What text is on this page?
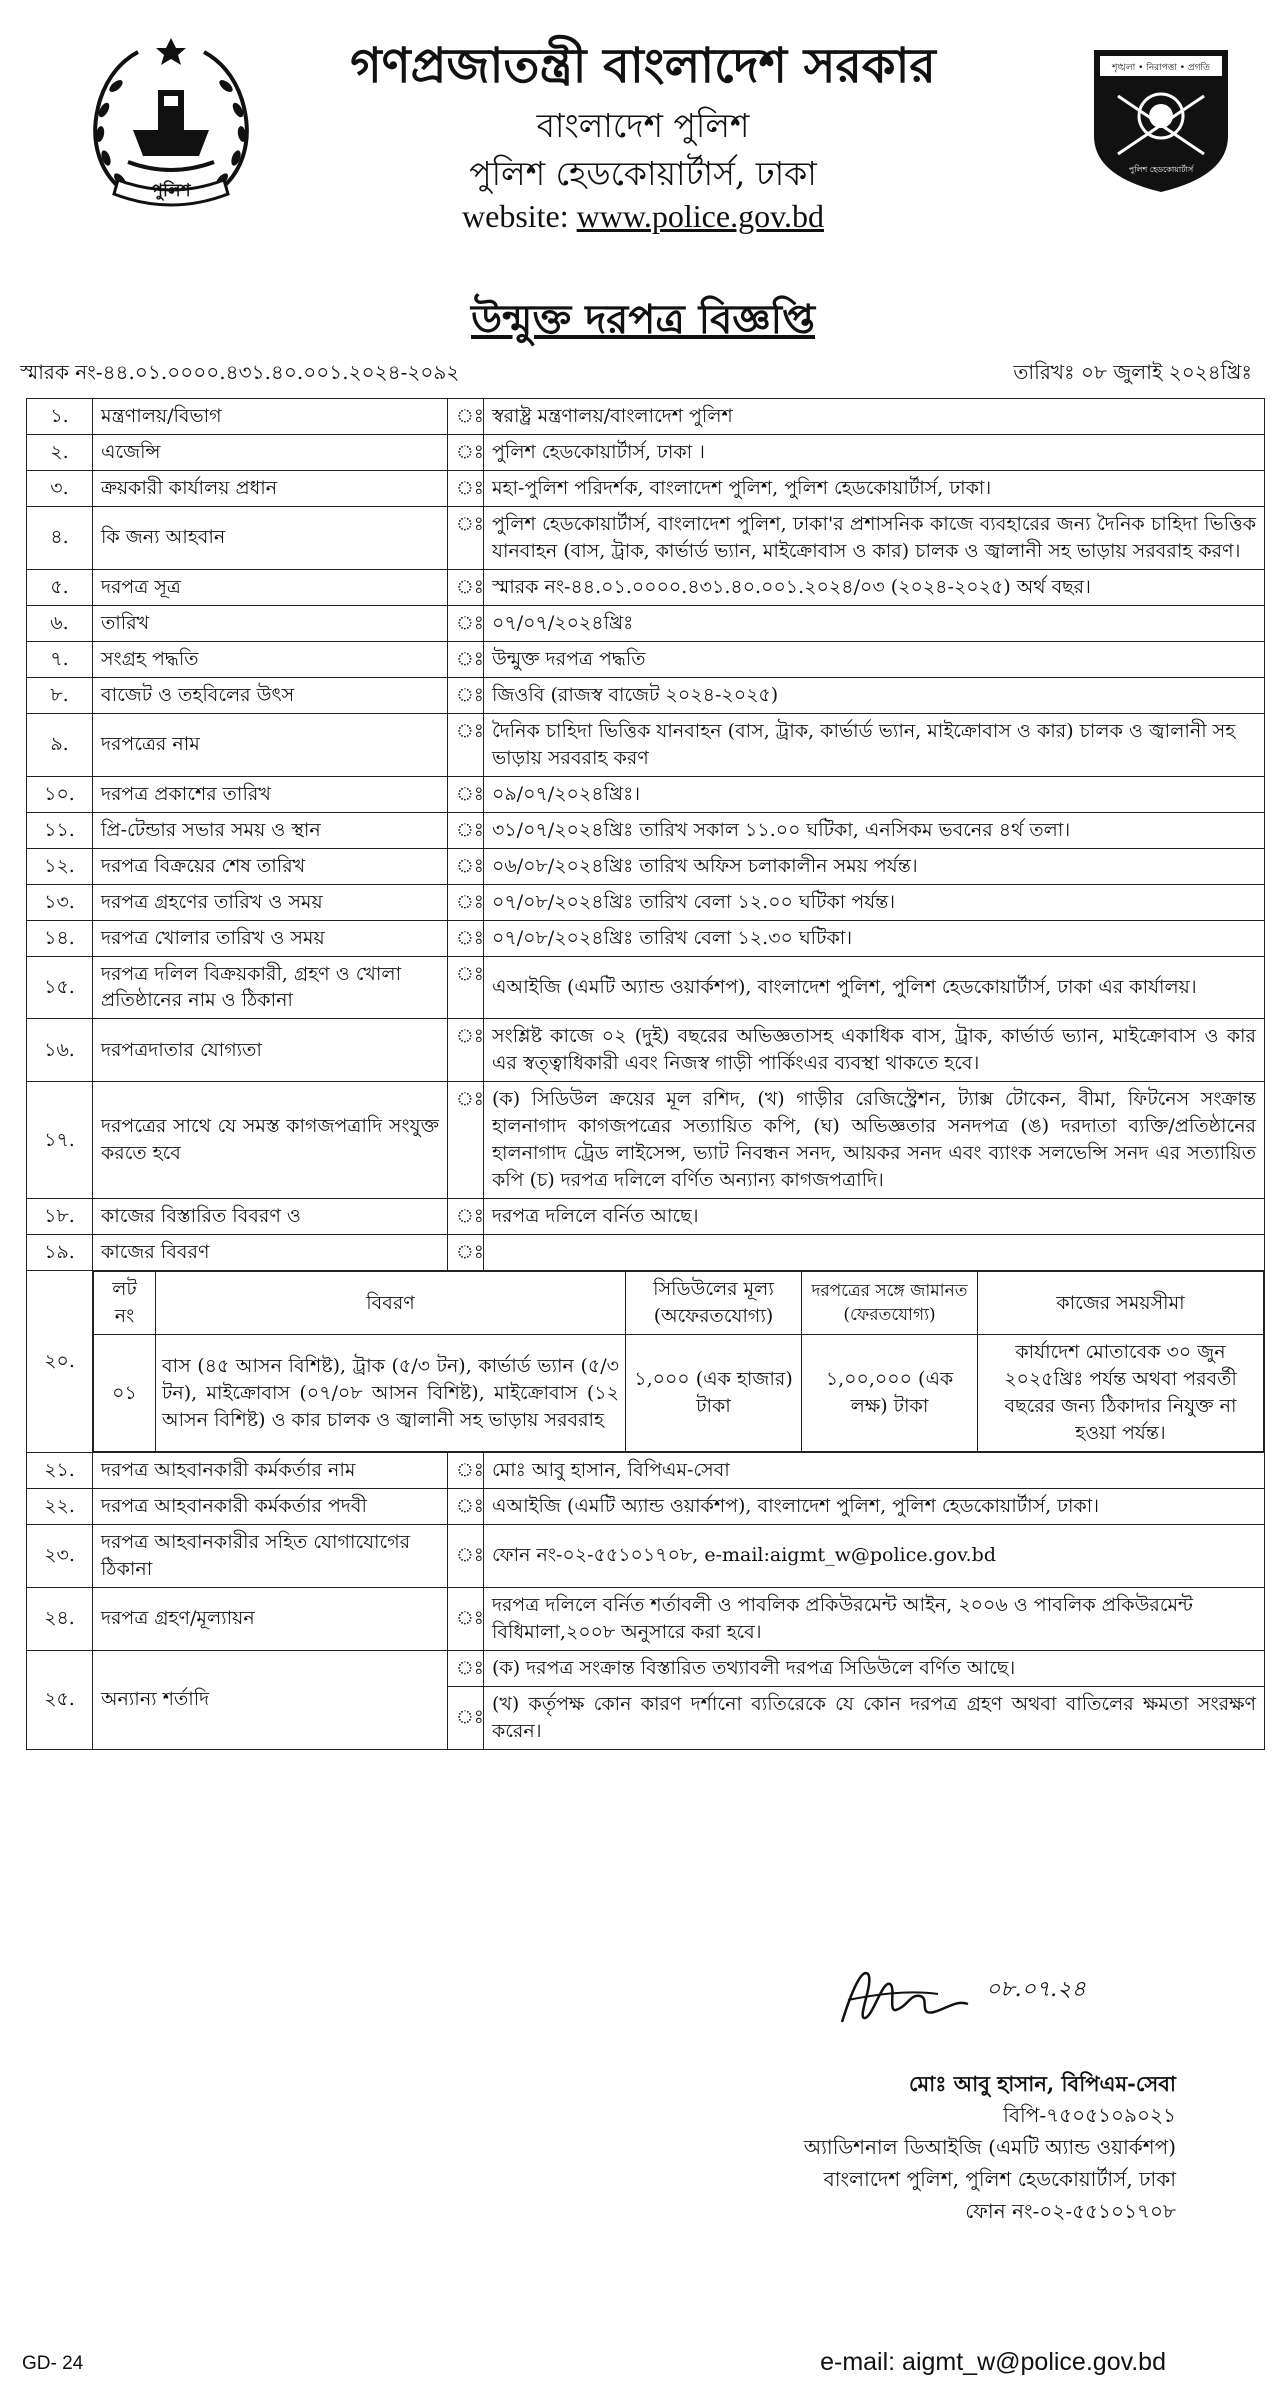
পুলিশ
গণপ্রজাতন্ত্রী বাংলাদেশ সরকার
বাংলাদেশ পুলিশ
পুলিশ হেডকোয়ার্টার্স, ঢাকা
website: www.police.gov.bd
শৃঙ্খলা • নিরাপত্তা • প্রগতি
পুলিশ হেডকোয়ার্টার্স
উন্মুক্ত দরপত্র বিজ্ঞপ্তি
স্মারক নং-৪৪.০১.০০০০.৪৩১.৪০.০০১.২০২৪-২০৯২	তারিখঃ ০৮ জুলাই ২০২৪খ্রিঃ
১.	মন্ত্রণালয়/বিভাগ	ঃ	স্বরাষ্ট্র মন্ত্রণালয়/বাংলাদেশ পুলিশ
২.	এজেন্সি	ঃ	পুলিশ হেডকোয়ার্টার্স, ঢাকা ।
৩.	ক্রয়কারী কার্যালয় প্রধান	ঃ	মহা-পুলিশ পরিদর্শক, বাংলাদেশ পুলিশ, পুলিশ হেডকোয়ার্টার্স, ঢাকা।
৪.	কি জন্য আহবান	ঃ	পুলিশ হেডকোয়ার্টার্স, বাংলাদেশ পুলিশ, ঢাকা'র প্রশাসনিক কাজে ব্যবহারের জন্য দৈনিক চাহিদা ভিত্তিক যানবাহন (বাস, ট্রাক, কার্ভার্ড ভ্যান, মাইক্রোবাস ও কার) চালক ও জ্বালানী সহ ভাড়ায় সরবরাহ করণ।
৫.	দরপত্র সূত্র	ঃ	স্মারক নং-৪৪.০১.০০০০.৪৩১.৪০.০০১.২০২৪/০৩ (২০২৪-২০২৫) অর্থ বছর।
৬.	তারিখ	ঃ	০৭/০৭/২০২৪খ্রিঃ
৭.	সংগ্রহ পদ্ধতি	ঃ	উন্মুক্ত দরপত্র পদ্ধতি
৮.	বাজেট ও তহবিলের উৎস	ঃ	জিওবি (রাজস্ব বাজেট ২০২৪-২০২৫)
৯.	দরপত্রের নাম	ঃ	দৈনিক চাহিদা ভিত্তিক যানবাহন (বাস, ট্রাক, কার্ভার্ড ভ্যান, মাইক্রোবাস ও কার) চালক ও জ্বালানী সহ ভাড়ায় সরবরাহ করণ
১০.	দরপত্র প্রকাশের তারিখ	ঃ	০৯/০৭/২০২৪খ্রিঃ।
১১.	প্রি-টেন্ডার সভার সময় ও স্থান	ঃ	৩১/০৭/২০২৪খ্রিঃ তারিখ সকাল ১১.০০ ঘটিকা, এনসিকম ভবনের ৪র্থ তলা।
১২.	দরপত্র বিক্রয়ের শেষ তারিখ	ঃ	০৬/০৮/২০২৪খ্রিঃ তারিখ অফিস চলাকালীন সময় পর্যন্ত।
১৩.	দরপত্র গ্রহণের তারিখ ও সময়	ঃ	০৭/০৮/২০২৪খ্রিঃ তারিখ বেলা ১২.০০ ঘটিকা পর্যন্ত।
১৪.	দরপত্র খোলার তারিখ ও সময়	ঃ	০৭/০৮/২০২৪খ্রিঃ তারিখ বেলা ১২.৩০ ঘটিকা।
১৫.	দরপত্র দলিল বিক্রয়কারী, গ্রহণ ও খোলা প্রতিষ্ঠানের নাম ও ঠিকানা	ঃ	এআইজি (এমটি অ্যান্ড ওয়ার্কশপ), বাংলাদেশ পুলিশ, পুলিশ হেডকোয়ার্টার্স, ঢাকা এর কার্যালয়।
১৬.	দরপত্রদাতার যোগ্যতা	ঃ	সংশ্লিষ্ট কাজে ০২ (দুই) বছরের অভিজ্ঞতাসহ একাধিক বাস, ট্রাক, কার্ভার্ড ভ্যান, মাইক্রোবাস ও কার এর স্বত্ত্বাধিকারী এবং নিজস্ব গাড়ী পার্কিংএর ব্যবস্থা থাকতে হবে।
১৭.	দরপত্রের সাথে যে সমস্ত কাগজপত্রাদি সংযুক্ত করতে হবে	ঃ	(ক) সিডিউল ক্রয়ের মূল রশিদ, (খ) গাড়ীর রেজিস্ট্রেশন, ট্যাক্স টোকেন, বীমা, ফিটনেস সংক্রান্ত হালনাগাদ কাগজপত্রের সত্যায়িত কপি, (ঘ) অভিজ্ঞতার সনদপত্র (ঙ) দরদাতা ব্যক্তি/প্রতিষ্ঠানের হালনাগাদ ট্রেড লাইসেন্স, ভ্যাট নিবন্ধন সনদ, আয়কর সনদ এবং ব্যাংক সলভেন্সি সনদ এর সত্যায়িত কপি (চ) দরপত্র দলিলে বর্ণিত অন্যান্য কাগজপত্রাদি।
১৮.	কাজের বিস্তারিত বিবরণ ও	ঃ	দরপত্র দলিলে বর্নিত আছে।
১৯.	কাজের বিবরণ	ঃ	
২০.	
লট নং	বিবরণ	সিডিউলের মূল্য (অফেরতযোগ্য)	দরপত্রের সঙ্গে জামানত (ফেরতযোগ্য)	কাজের সময়সীমা
০১	বাস (৪৫ আসন বিশিষ্ট), ট্রাক (৫/৩ টন), কার্ভার্ড ভ্যান (৫/৩ টন), মাইক্রোবাস (০৭/০৮ আসন বিশিষ্ট), মাইক্রোবাস (১২ আসন বিশিষ্ট) ও কার চালক ও জ্বালানী সহ ভাড়ায় সরবরাহ	১,০০০ (এক হাজার) টাকা	১,০০,০০০ (এক লক্ষ) টাকা	কার্যাদেশ মোতাবেক ৩০ জুন ২০২৫খ্রিঃ পর্যন্ত অথবা পরবর্তী বছরের জন্য ঠিকাদার নিযুক্ত না হওয়া পর্যন্ত।

২১.	দরপত্র আহবানকারী কর্মকর্তার নাম	ঃ	মোঃ আবু হাসান, বিপিএম-সেবা
২২.	দরপত্র আহবানকারী কর্মকর্তার পদবী	ঃ	এআইজি (এমটি অ্যান্ড ওয়ার্কশপ), বাংলাদেশ পুলিশ, পুলিশ হেডকোয়ার্টার্স, ঢাকা।
২৩.	দরপত্র আহবানকারীর সহিত যোগাযোগের ঠিকানা	ঃ	ফোন নং-০২-৫৫১০১৭০৮, e-mail:aigmt_w@police.gov.bd
২৪.	দরপত্র গ্রহণ/মূল্যায়ন	ঃ	দরপত্র দলিলে বর্নিত শর্তাবলী ও পাবলিক প্রকিউরমেন্ট আইন, ২০০৬ ও পাবলিক প্রকিউরমেন্ট বিধিমালা,২০০৮ অনুসারে করা হবে।
২৫.	অন্যান্য শর্তাদি	ঃ	(ক) দরপত্র সংক্রান্ত বিস্তারিত তথ্যাবলী দরপত্র সিডিউলে বর্ণিত আছে।
ঃ	(খ) কর্তৃপক্ষ কোন কারণ দর্শানো ব্যতিরেকে যে কোন দরপত্র গ্রহণ অথবা বাতিলের ক্ষমতা সংরক্ষণ করেন।
০৮.০৭.২৪
মোঃ আবু হাসান, বিপিএম-সেবা
বিপি-৭৫০৫১০৯০২১
অ্যাডিশনাল ডিআইজি (এমটি অ্যান্ড ওয়ার্কশপ)
বাংলাদেশ পুলিশ, পুলিশ হেডকোয়ার্টার্স, ঢাকা
ফোন নং-০২-৫৫১০১৭০৮
e-mail: aigmt_w@police.gov.bd
GD- 24
